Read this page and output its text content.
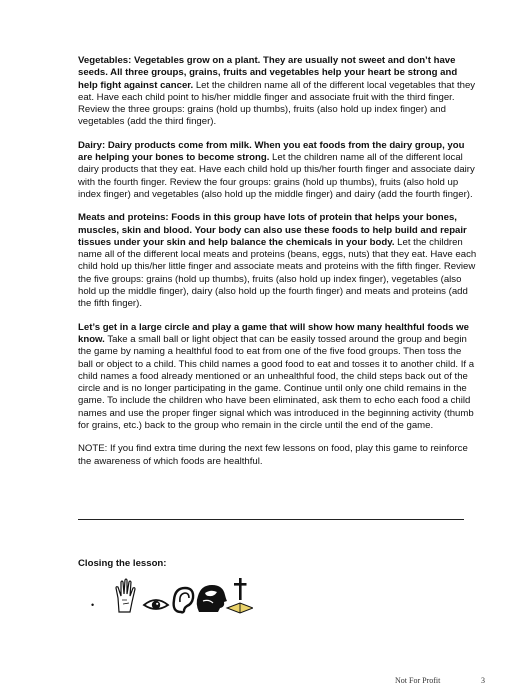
Vegetables: Vegetables grow on a plant. They are usually not sweet and don’t have seeds. All three groups, grains, fruits and vegetables help your heart be strong and help fight against cancer. Let the children name all of the different local vegetables that they eat. Have each child point to his/her middle finger and associate fruit with the third finger. Review the three groups: grains (hold up thumbs), fruits (also hold up index finger) and vegetables (add the third finger).

Dairy: Dairy products come from milk. When you eat foods from the dairy group, you are helping your bones to become strong. Let the children name all of the different local dairy products that they eat. Have each child hold up this/her fourth finger and associate dairy with the fourth finger. Review the four groups: grains (hold up thumbs), fruits (also hold up index finger) and vegetables (also hold up the middle finger) and dairy (add the fourth finger).

Meats and proteins: Foods in this group have lots of protein that helps your bones, muscles, skin and blood. Your body can also use these foods to help build and repair tissues under your skin and help balance the chemicals in your body. Let the children name all of the different local meats and proteins (beans, eggs, nuts) that they eat. Have each child hold up this/her little finger and associate meats and proteins with the fifth finger. Review the five groups: grains (hold up thumbs), fruits (also hold up index finger), vegetables (also hold up the middle finger), dairy (also hold up the fourth finger) and meats and proteins (add the fifth finger).

Let’s get in a large circle and play a game that will show how many healthful foods we know. Take a small ball or light object that can be easily tossed around the group and begin the game by naming a healthful food to eat from one of the five food groups. Then toss the ball or object to a child. This child names a good food to eat and tosses it to another child. If a child names a food already mentioned or an unhealthful food, the child steps back out of the circle and is no longer participating in the game. Continue until only one child remains in the game. To include the children who have been eliminated, ask them to echo each food a child names and use the proper finger signal which was introduced in the beginning activity (thumb for grains, etc.) back to the group who remain in the circle until the end of the game.

NOTE: If you find extra time during the next few lessons on food, play this game to reinforce the awareness of which foods are healthful.

Closing the lesson:
•
Not For Profit	3
